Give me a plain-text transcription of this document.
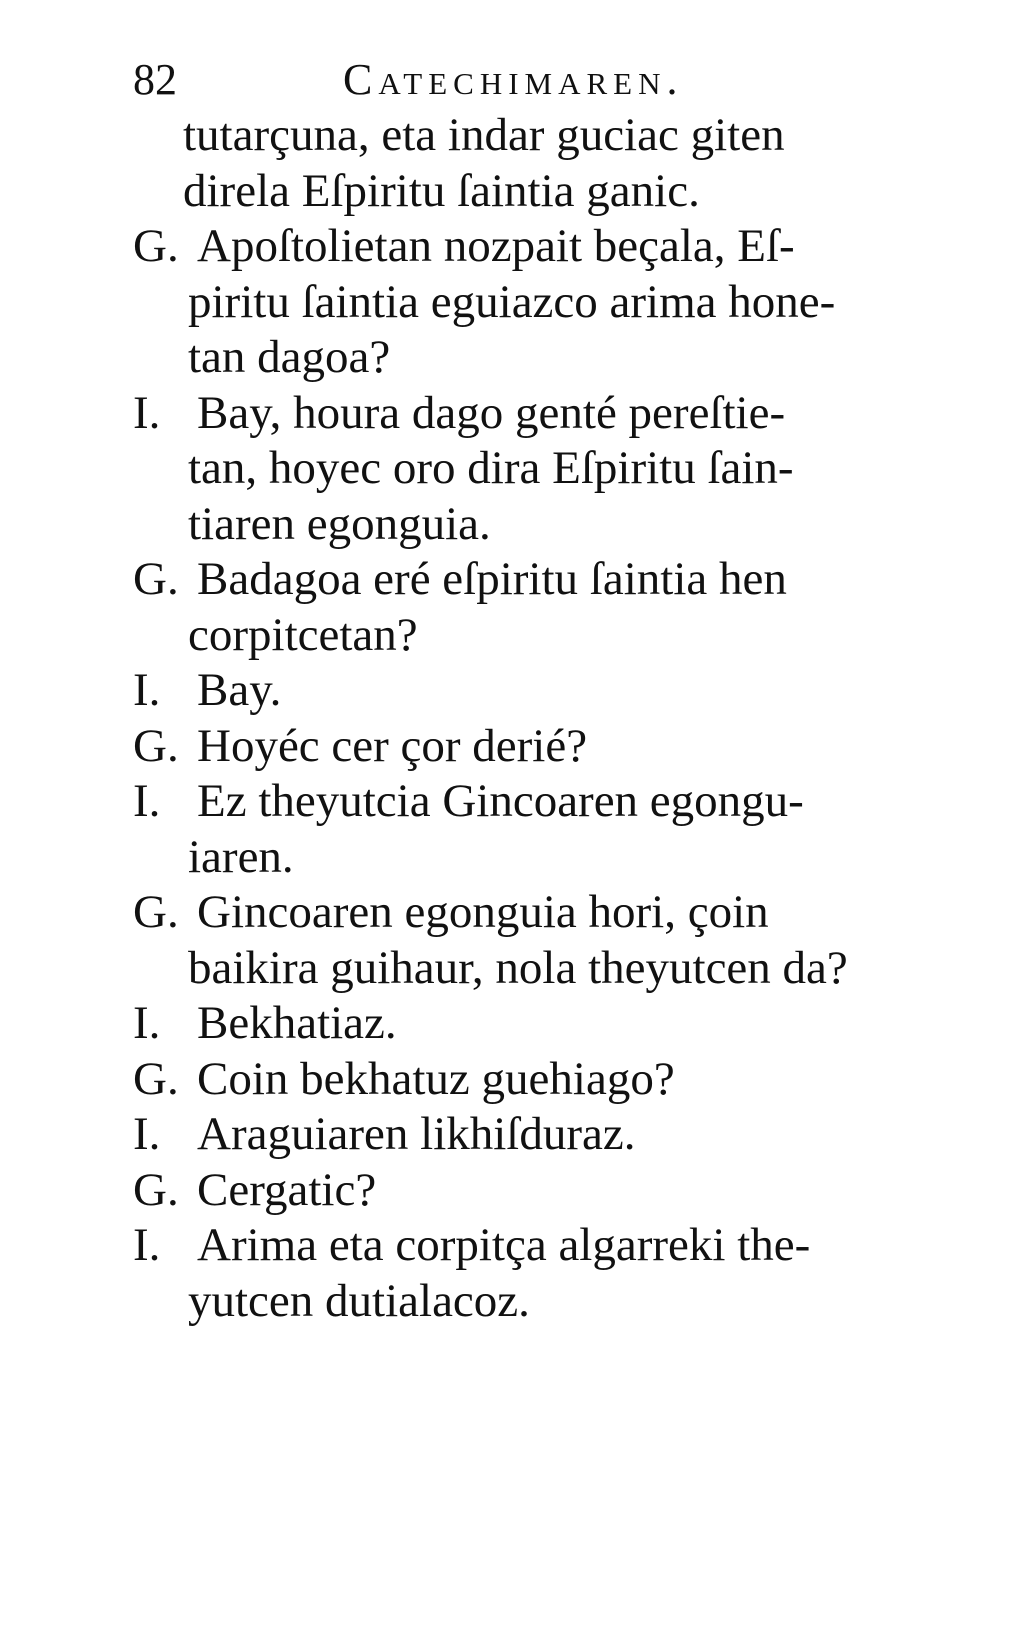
82	Catechimaren.
tutarçuna, eta indar guciac giten
direla Eſpiritu ſaintia ganic.
G. Apoſtolietan nozpait beçala, Eſ-
piritu ſaintia eguiazco arima hone-
tan dagoa?
I. Bay, houra dago genté pereſtie-
tan, hoyec oro dira Eſpiritu ſain-
tiaren egonguia.
G. Badagoa eré eſpiritu ſaintia hen
corpitcetan?
I. Bay.
G. Hoyéc cer çor derié?
I. Ez theyutcia Gincoaren egongu-
iaren.
G. Gincoaren egonguia hori, çoin
baikira guihaur, nola theyutcen da?
I. Bekhatiaz.
G. Coin bekhatuz guehiago?
I. Araguiaren likhiſduraz.
G. Cergatic?
I. Arima eta corpitça algarreki the-
yutcen dutialacoz.
